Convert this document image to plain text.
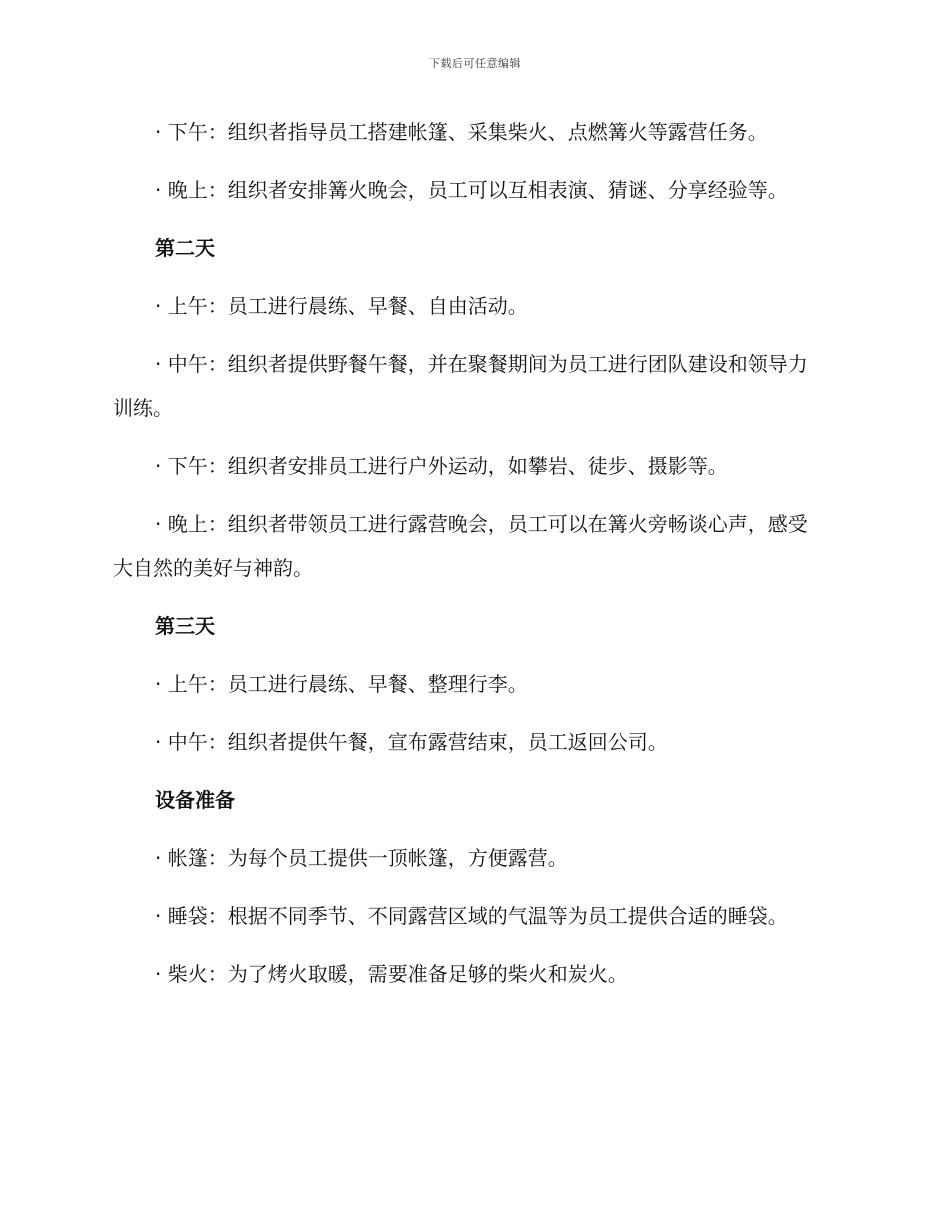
下载后可任意编辑

· 下午：组织者指导员工搭建帐篷、采集柴火、点燃篝火等露营任务。

· 晚上：组织者安排篝火晚会，员工可以互相表演、猜谜、分享经验等。

第二天

· 上午：员工进行晨练、早餐、自由活动。

· 中午：组织者提供野餐午餐，并在聚餐期间为员工进行团队建设和领导力训练。

· 下午：组织者安排员工进行户外运动，如攀岩、徒步、摄影等。

· 晚上：组织者带领员工进行露营晚会，员工可以在篝火旁畅谈心声，感受大自然的美好与神韵。

第三天

· 上午：员工进行晨练、早餐、整理行李。

· 中午：组织者提供午餐，宣布露营结束，员工返回公司。

设备准备

· 帐篷：为每个员工提供一顶帐篷，方便露营。

· 睡袋：根据不同季节、不同露营区域的气温等为员工提供合适的睡袋。

· 柴火：为了烤火取暖，需要准备足够的柴火和炭火。
